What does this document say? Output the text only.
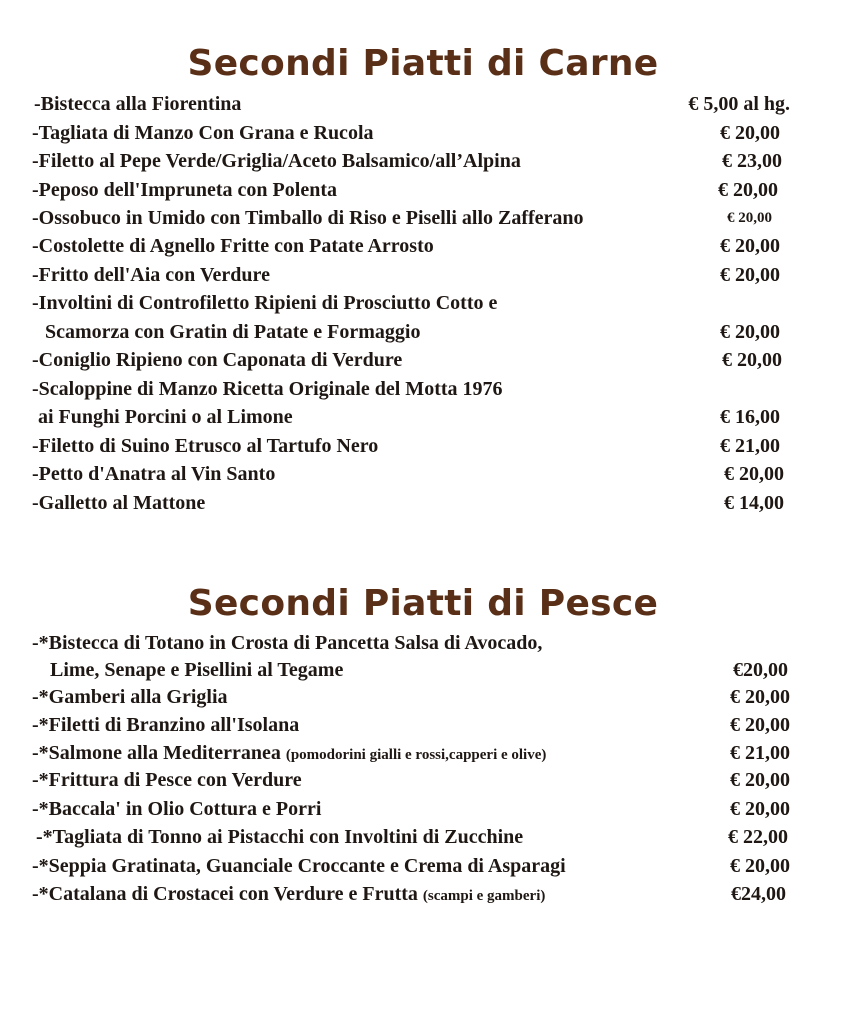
Secondi Piatti di Carne
-Bistecca alla Fiorentina	€ 5,00 al hg.
-Tagliata di Manzo Con Grana e Rucola	€ 20,00
-Filetto al Pepe Verde/Griglia/Aceto Balsamico/all’Alpina	€ 23,00
-Peposo dell'Impruneta con Polenta	€ 20,00
-Ossobuco in Umido con Timballo di Riso e Piselli allo Zafferano	€ 20,00
-Costolette di Agnello Fritte con Patate Arrosto	€ 20,00
-Fritto dell'Aia con Verdure	€ 20,00
-Involtini di Controfiletto Ripieni di Prosciutto Cotto e
Scamorza con Gratin di Patate e Formaggio	€ 20,00
-Coniglio Ripieno con Caponata di Verdure	€ 20,00
-Scaloppine di Manzo Ricetta Originale del Motta 1976
ai Funghi Porcini o al Limone	€ 16,00
-Filetto di Suino Etrusco al Tartufo Nero	€ 21,00
-Petto d'Anatra al Vin Santo	€ 20,00
-Galletto al Mattone	€ 14,00
Secondi Piatti di Pesce
-*Bistecca di Totano in Crosta di Pancetta Salsa di Avocado,
Lime, Senape e Pisellini al Tegame	€20,00
-*Gamberi alla Griglia	€ 20,00
-*Filetti di Branzino all'Isolana	€ 20,00
-*Salmone alla Mediterranea (pomodorini gialli e rossi,capperi e olive)	€ 21,00
-*Frittura di Pesce con Verdure	€ 20,00
-*Baccala' in Olio Cottura e Porri	€ 20,00
-*Tagliata di Tonno ai Pistacchi con Involtini di Zucchine	€ 22,00
-*Seppia Gratinata, Guanciale Croccante e Crema di Asparagi	€ 20,00
-*Catalana di Crostacei con Verdure e Frutta (scampi e gamberi)	€24,00
